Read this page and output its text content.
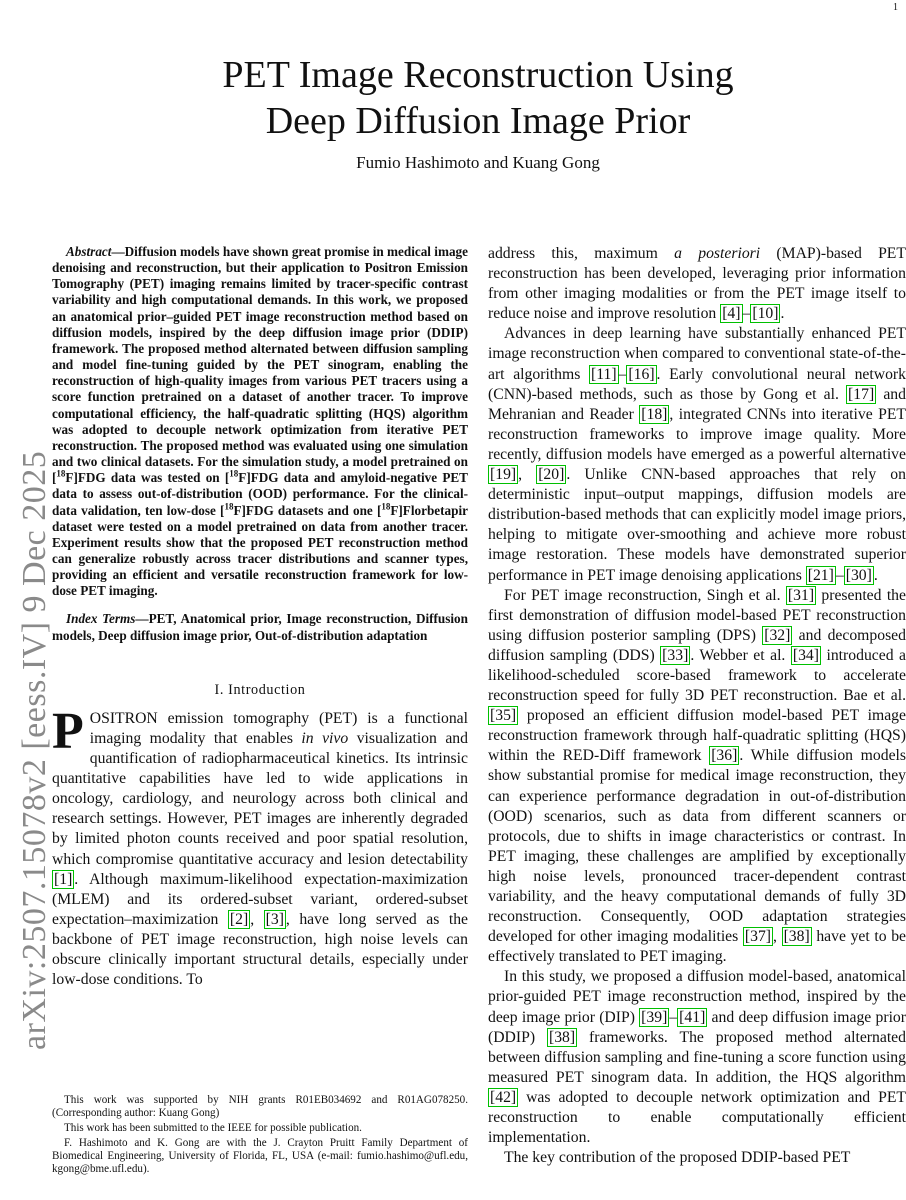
1
arXiv:2507.15078v2 [eess.IV] 9 Dec 2025
PET Image Reconstruction Using
Deep Diffusion Image Prior

Fumio Hashimoto and Kuang Gong

Abstract—Diffusion models have shown great promise in medical image denoising and reconstruction, but their application to Positron Emission Tomography (PET) imaging remains limited by tracer-specific contrast variability and high computational demands. In this work, we proposed an anatomical prior–guided PET image reconstruction method based on diffusion models, inspired by the deep diffusion image prior (DDIP) framework. The proposed method alternated between diffusion sampling and model fine-tuning guided by the PET sinogram, enabling the reconstruction of high-quality images from various PET tracers using a score function pretrained on a dataset of another tracer. To improve computational efficiency, the half-quadratic splitting (HQS) algorithm was adopted to decouple network optimization from iterative PET reconstruction. The proposed method was evaluated using one simulation and two clinical datasets. For the simulation study, a model pretrained on [$^{18}$F]FDG data was tested on [$^{18}$F]FDG data and amyloid-negative PET data to assess out-of-distribution (OOD) performance. For the clinical-data validation, ten low-dose [$^{18}$F]FDG datasets and one [$^{18}$F]Florbetapir dataset were tested on a model pretrained on data from another tracer. Experiment results show that the proposed PET reconstruction method can generalize robustly across tracer distributions and scanner types, providing an efficient and versatile reconstruction framework for low-dose PET imaging.

Index Terms—PET, Anatomical prior, Image reconstruction, Diffusion models, Deep diffusion image prior, Out-of-distribution adaptation

I. Introduction

POSITRON emission tomography (PET) is a functional imaging modality that enables in vivo visualization and quantification of radiopharmaceutical kinetics. Its intrinsic quantitative capabilities have led to wide applications in oncology, cardiology, and neurology across both clinical and research settings. However, PET images are inherently degraded by limited photon counts received and poor spatial resolution, which compromise quantitative accuracy and lesion detectability [1] . Although maximum-likelihood expectation-maximization (MLEM) and its ordered-subset variant, ordered-subset expectation–maximization [2] , [3] , have long served as the backbone of PET image reconstruction, high noise levels can obscure clinically important structural details, especially under low-dose conditions. To

address this, maximum a posteriori (MAP)-based PET reconstruction has been developed, leveraging prior information from other imaging modalities or from the PET image itself to reduce noise and improve resolution [4] – [10] .

Advances in deep learning have substantially enhanced PET image reconstruction when compared to conventional state-of-the-art algorithms [11] – [16] . Early convolutional neural network (CNN)-based methods, such as those by Gong et al. [17] and Mehranian and Reader [18] , integrated CNNs into iterative PET reconstruction frameworks to improve image quality. More recently, diffusion models have emerged as a powerful alternative [19] , [20] . Unlike CNN-based approaches that rely on deterministic input–output mappings, diffusion models are distribution-based methods that can explicitly model image priors, helping to mitigate over-smoothing and achieve more robust image restoration. These models have demonstrated superior performance in PET image denoising applications [21] – [30] .

For PET image reconstruction, Singh et al. [31] presented the first demonstration of diffusion model-based PET reconstruction using diffusion posterior sampling (DPS) [32] and decomposed diffusion sampling (DDS) [33] . Webber et al. [34] introduced a likelihood-scheduled score-based framework to accelerate reconstruction speed for fully 3D PET reconstruction. Bae et al. [35] proposed an efficient diffusion model-based PET image reconstruction framework through half-quadratic splitting (HQS) within the RED-Diff framework [36] . While diffusion models show substantial promise for medical image reconstruction, they can experience performance degradation in out-of-distribution (OOD) scenarios, such as data from different scanners or protocols, due to shifts in image characteristics or contrast. In PET imaging, these challenges are amplified by exceptionally high noise levels, pronounced tracer-dependent contrast variability, and the heavy computational demands of fully 3D reconstruction. Consequently, OOD adaptation strategies developed for other imaging modalities [37] , [38] have yet to be effectively translated to PET imaging.

In this study, we proposed a diffusion model-based, anatomical prior-guided PET image reconstruction method, inspired by the deep image prior (DIP) [39] – [41] and deep diffusion image prior (DDIP) [38] frameworks. The proposed method alternated between diffusion sampling and fine-tuning a score function using measured PET sinogram data. In addition, the HQS algorithm [42] was adopted to decouple network optimization and PET reconstruction to enable computationally efficient implementation.

The key contribution of the proposed DDIP-based PET

This work was supported by NIH grants R01EB034692 and R01AG078250. (Corresponding author: Kuang Gong)

This work has been submitted to the IEEE for possible publication.

F. Hashimoto and K. Gong are with the J. Crayton Pruitt Family Department of Biomedical Engineering, University of Florida, FL, USA (e-mail: fumio.hashimo@ufl.edu, kgong@bme.ufl.edu).
